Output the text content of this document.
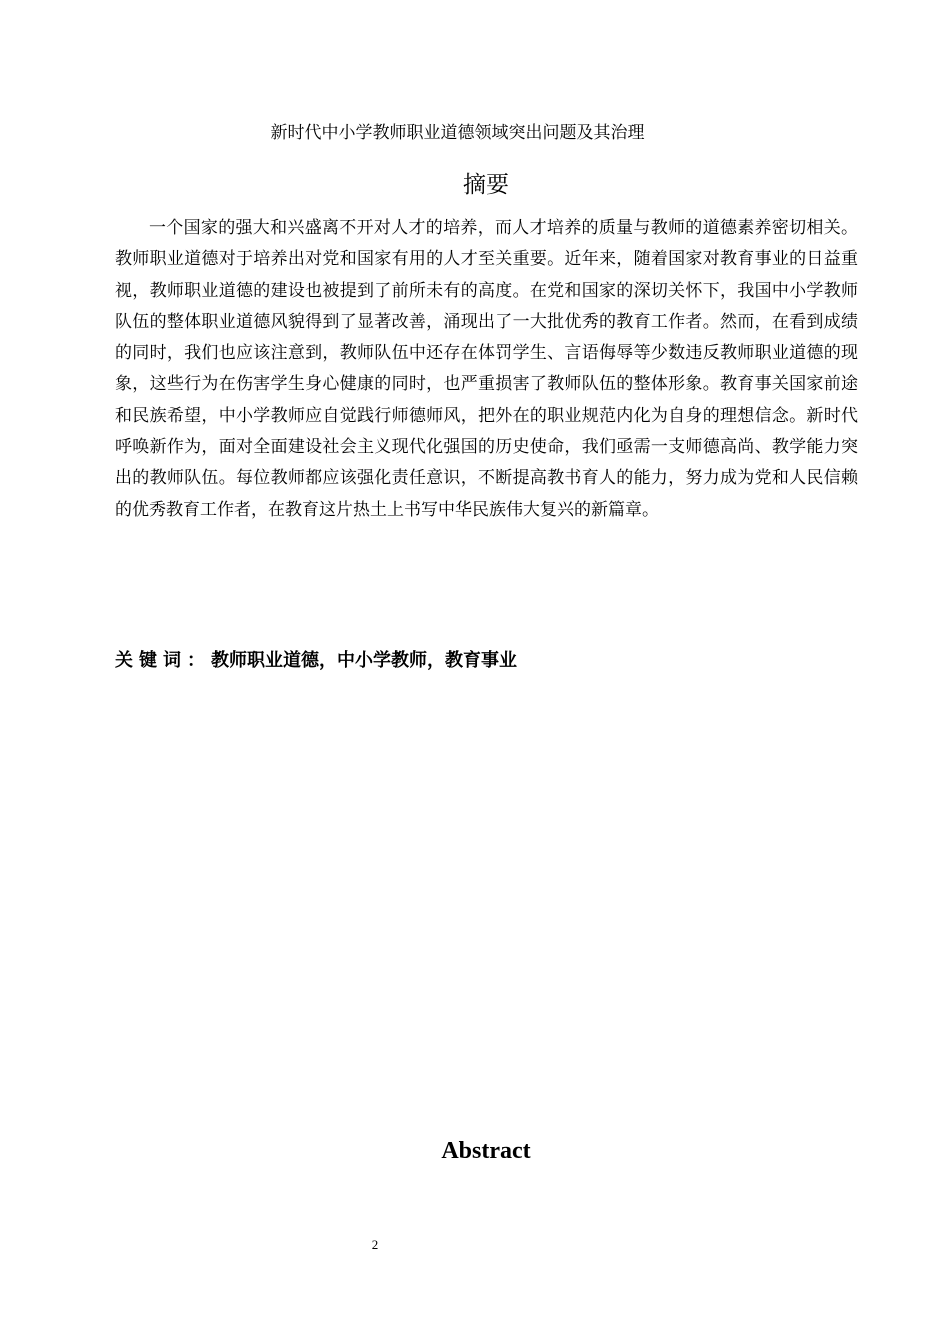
新时代中小学教师职业道德领域突出问题及其治理
摘要

一个国家的强大和兴盛离不开对人才的培养，而人才培养的质量与教师的道德素养密切相关。教师职业道德对于培养出对党和国家有用的人才至关重要。近年来，随着国家对教育事业的日益重视，教师职业道德的建设也被提到了前所未有的高度。在党和国家的深切关怀下，我国中小学教师队伍的整体职业道德风貌得到了显著改善，涌现出了一大批优秀的教育工作者。然而，在看到成绩的同时，我们也应该注意到，教师队伍中还存在体罚学生、言语侮辱等少数违反教师职业道德的现象，这些行为在伤害学生身心健康的同时，也严重损害了教师队伍的整体形象。教育事关国家前途和民族希望，中小学教师应自觉践行师德师风，把外在的职业规范内化为自身的理想信念。新时代呼唤新作为，面对全面建设社会主义现代化强国的历史使命，我们亟需一支师德高尚、教学能力突出的教师队伍。每位教师都应该强化责任意识，不断提高教书育人的能力，努力成为党和人民信赖的优秀教育工作者，在教育这片热土上书写中华民族伟大复兴的新篇章。

关键词：教师职业道德，中小学教师，教育事业
Abstract
2
